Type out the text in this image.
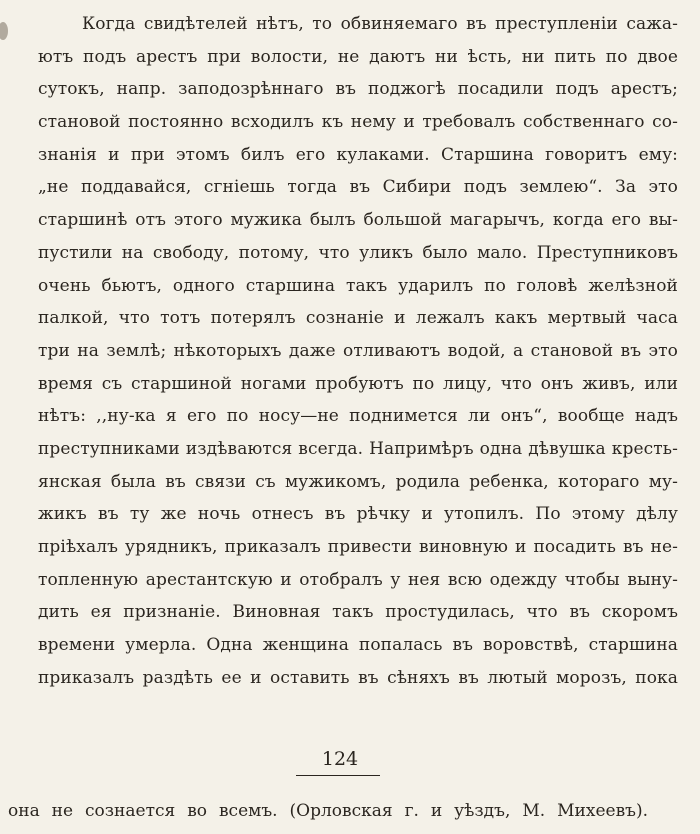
Когда свидѣтелей нѣтъ, то обвиняемаго въ преступленіи сажа-
ютъ подъ арестъ при волости, не даютъ ни ѣсть, ни пить по двое
сутокъ, напр. заподозрѣннаго въ поджогѣ посадили подъ арестъ;
становой постоянно всходилъ къ нему и требовалъ собственнаго со-
знанія и при этомъ билъ его кулаками. Старшина говоритъ ему:
„не поддавайся, сгніешь тогда въ Сибири подъ землею“. За это
старшинѣ отъ этого мужика былъ большой магарычъ, когда его вы-
пустили на свободу, потому, что уликъ было мало. Преступниковъ
очень бьютъ, одного старшина такъ ударилъ по головѣ желѣзной
палкой, что тотъ потерялъ сознаніе и лежалъ какъ мертвый часа
три на землѣ; нѣкоторыхъ даже отливаютъ водой, а становой въ это
время съ старшиной ногами пробуютъ по лицу, что онъ живъ, или
нѣтъ: ,,ну-ка я его по носу—не поднимется ли онъ“, вообще надъ
преступниками издѣваются всегда. Напримѣръ одна дѣвушка кресть-
янская была въ связи съ мужикомъ, родила ребенка, котораго му-
жикъ въ ту же ночь отнесъ въ рѣчку и утопилъ. По этому дѣлу
пріѣхалъ урядникъ, приказалъ привести виновную и посадить въ не-
топленную арестантскую и отобралъ у нея всю одежду чтобы выну-
дить ея признаніе. Виновная такъ простудилась, что въ скоромъ
времени умерла. Одна женщина попалась въ воровствѣ, старшина
приказалъ раздѣть ее и оставить въ сѣняхъ въ лютый морозъ, пока
124
она не сознается во всемъ. (Орловская г. и уѣздъ, М. Михеевъ).
